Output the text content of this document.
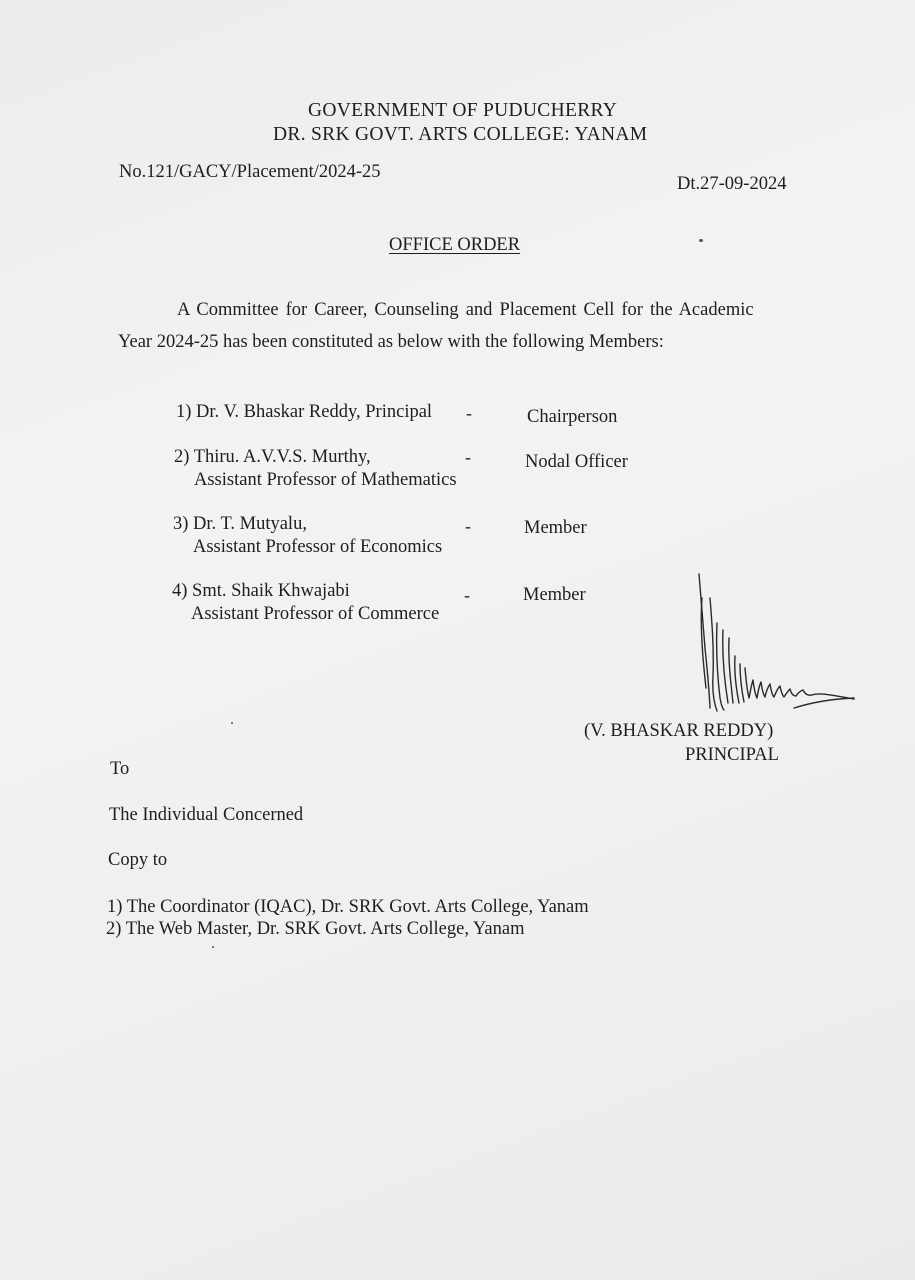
GOVERNMENT OF PUDUCHERRY
DR. SRK GOVT. ARTS COLLEGE: YANAM
No.121/GACY/Placement/2024-25
Dt.27-09-2024
OFFICE ORDER
A Committee for Career, Counseling and Placement Cell for the Academic
Year 2024-25 has been constituted as below with the following Members:
1) Dr. V. Bhaskar Reddy, Principal -	Chairperson
2) Thiru. A.V.V.S. Murthy,
Assistant Professor of Mathematics
-	Nodal Officer
3) Dr. T. Mutyalu,
Assistant Professor of Economics
-	Member
4) Smt. Shaik Khwajabi
Assistant Professor of Commerce
-	Member
(V. BHASKAR REDDY)
PRINCIPAL
To
The Individual Concerned
Copy to
1) The Coordinator (IQAC), Dr. SRK Govt. Arts College, Yanam
2) The Web Master, Dr. SRK Govt. Arts College, Yanam
